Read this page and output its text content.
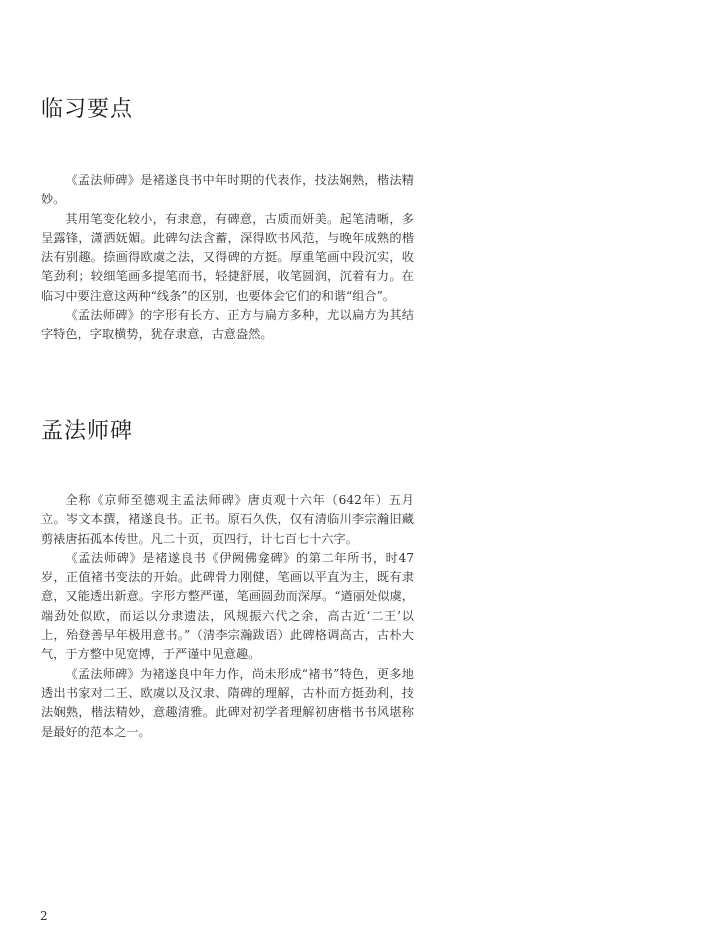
临习要点

《孟法师碑》是褚遂良书中年时期的代表作，技法娴熟，楷法精妙。

其用笔变化较小，有隶意，有碑意，古质而妍美。起笔清晰，多呈露锋，潇洒妩媚。此碑勾法含蓄，深得欧书风范，与晚年成熟的楷法有别趣。捺画得欧虞之法，又得碑的方挺。厚重笔画中段沉实，收笔劲利；较细笔画多提笔而书，轻捷舒展，收笔圆润，沉着有力。在临习中要注意这两种“线条”的区别，也要体会它们的和谐“组合”。

《孟法师碑》的字形有长方、正方与扁方多种，尤以扁方为其结字特色，字取横势，犹存隶意，古意盎然。

孟法师碑

全称《京师至德观主孟法师碑》唐贞观十六年（642年）五月立。岑文本撰，褚遂良书。正书。原石久佚，仅有清临川李宗瀚旧藏剪裱唐拓孤本传世。凡二十页，页四行，计七百七十六字。

《孟法师碑》是褚遂良书《伊阙佛龛碑》的第二年所书，时47岁，正值褚书变法的开始。此碑骨力刚健，笔画以平直为主，既有隶意，又能透出新意。字形方整严谨，笔画圆劲而深厚。“遒丽处似虞，端劲处似欧，而运以分隶遗法，风规振六代之余，高古近‘二王’以上，殆登善早年极用意书。”（清李宗瀚跋语）此碑格调高古，古朴大气，于方整中见宽博，于严谨中见意趣。

《孟法师碑》为褚遂良中年力作，尚未形成“褚书”特色，更多地透出书家对二王、欧虞以及汉隶、隋碑的理解，古朴而方挺劲利，技法娴熟，楷法精妙，意趣清雅。此碑对初学者理解初唐楷书书风堪称是最好的范本之一。

2
